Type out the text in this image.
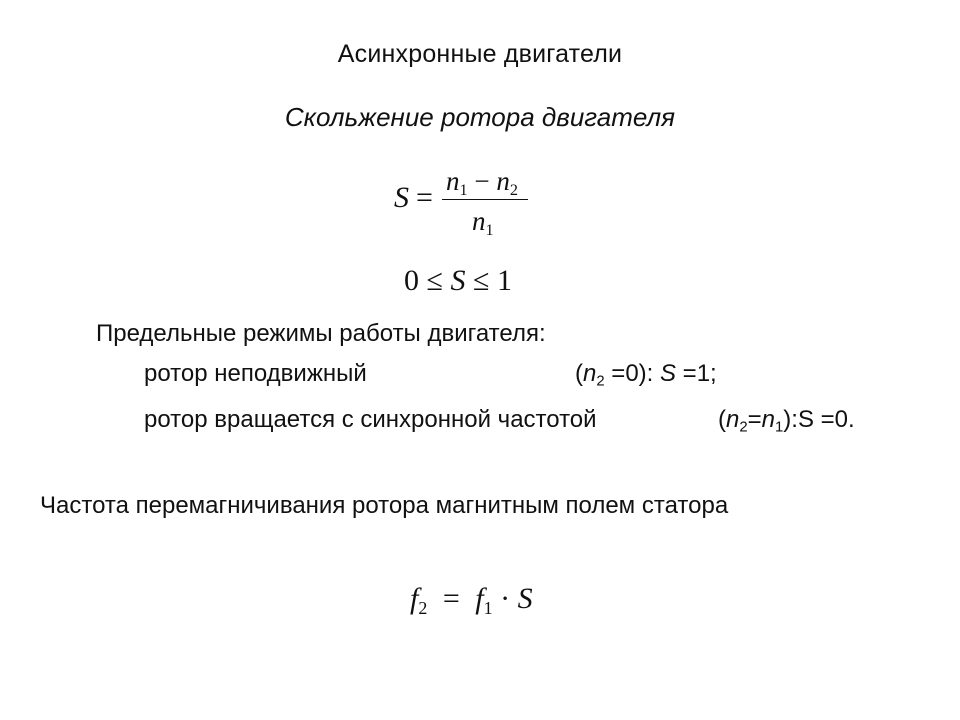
Асинхронные двигатели
Скольжение ротора двигателя
$S = n_1 - n_2$
$n_1$
0 ≤ S ≤ 1
Предельные режимы работы двигателя:
ротор неподвижный	(n2 =0): S =1;
ротор вращается с синхронной частотой	(n2=n1):S =0.
Частота перемагничивания ротора магнитным полем статора
$f_2 = f_1 \cdot S$
